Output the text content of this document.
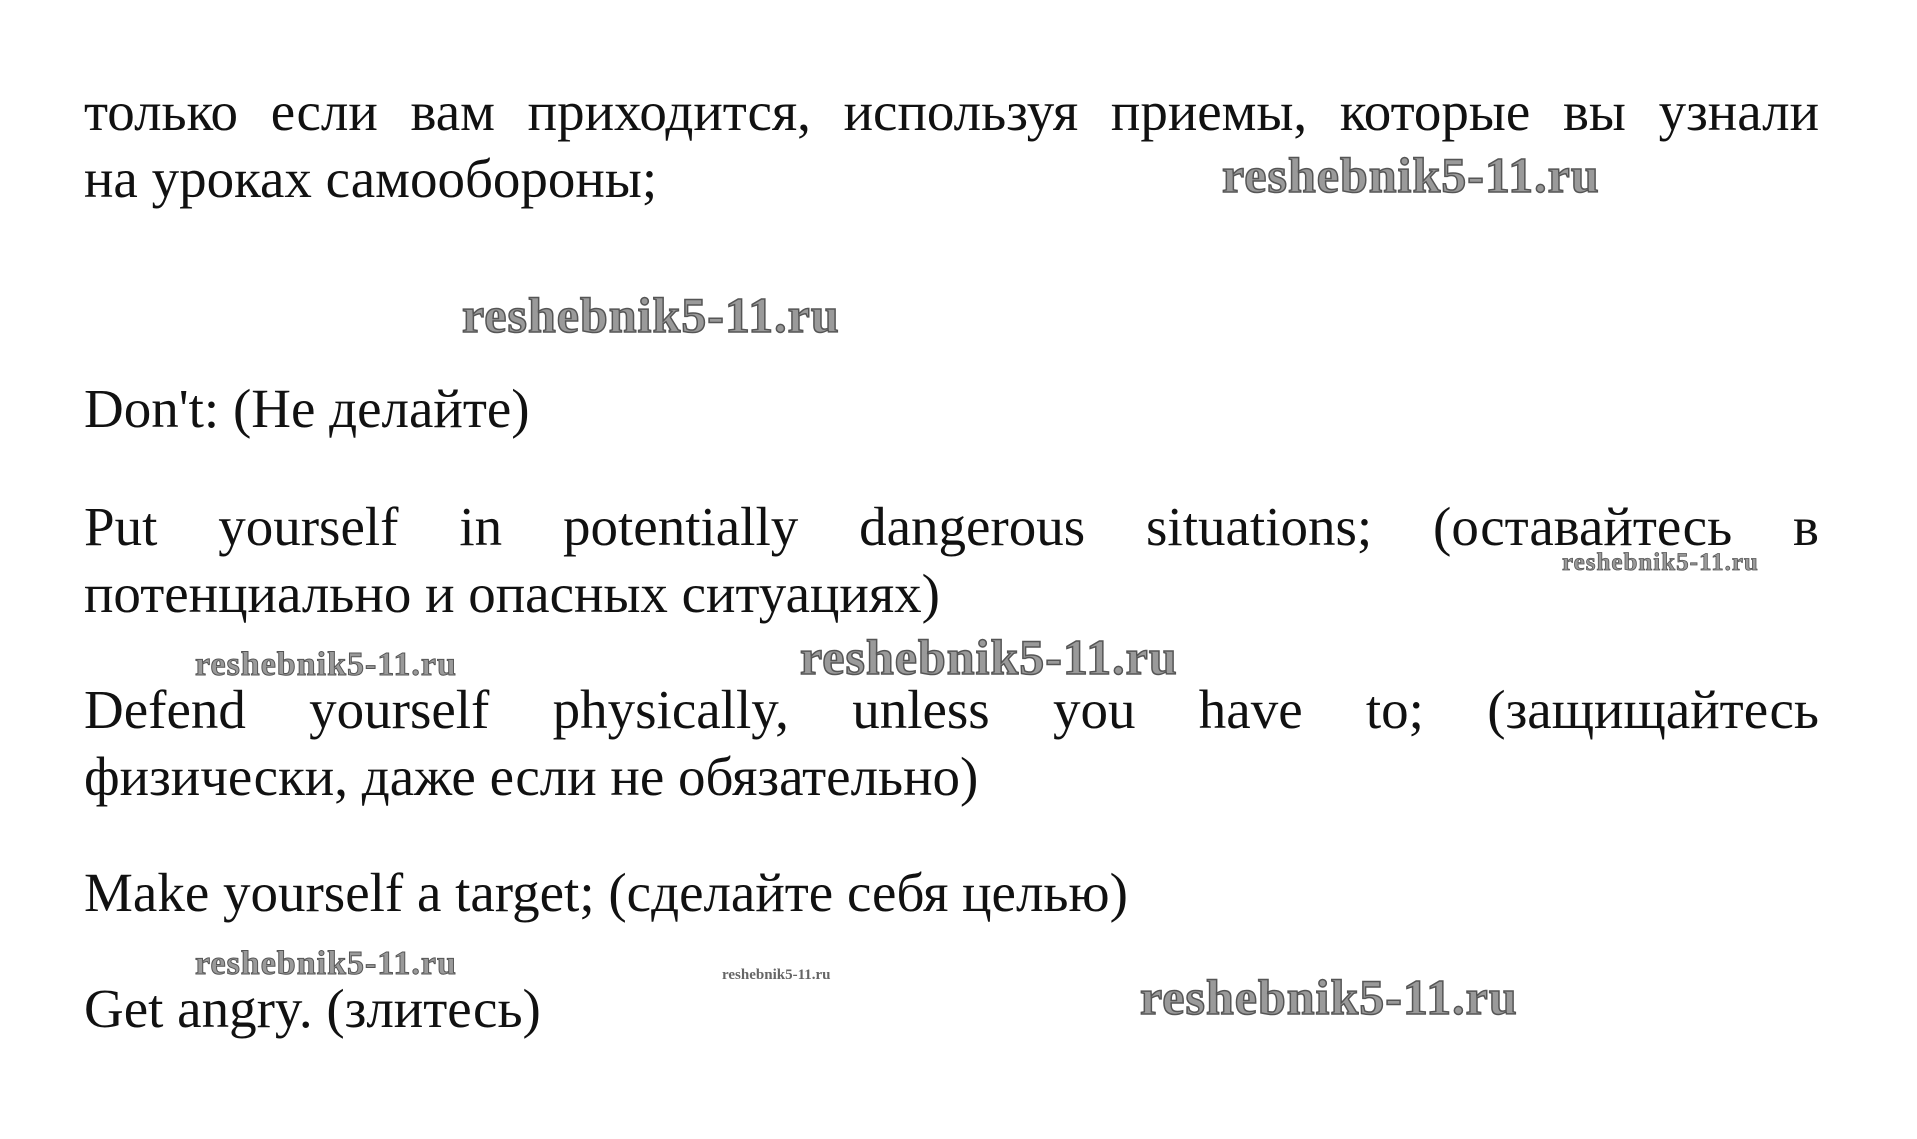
только если вам приходится, используя приемы, которые вы узнали
на уроках самообороны;
Don't: (Не делайте)
Put yourself in potentially dangerous situations; (оставайтесь в
потенциально и опасных ситуациях)
Defend yourself physically, unless you have to; (защищайтесь
физически, даже если не обязательно)
Make yourself a target; (сделайте себя целью)
Get angry. (злитесь)
reshebnik5-11.ru
reshebnik5-11.ru
reshebnik5-11.ru
reshebnik5-11.ru	reshebnik5-11.ru
reshebnik5-11.ru	reshebnik5-11.ru	reshebnik5-11.ru
